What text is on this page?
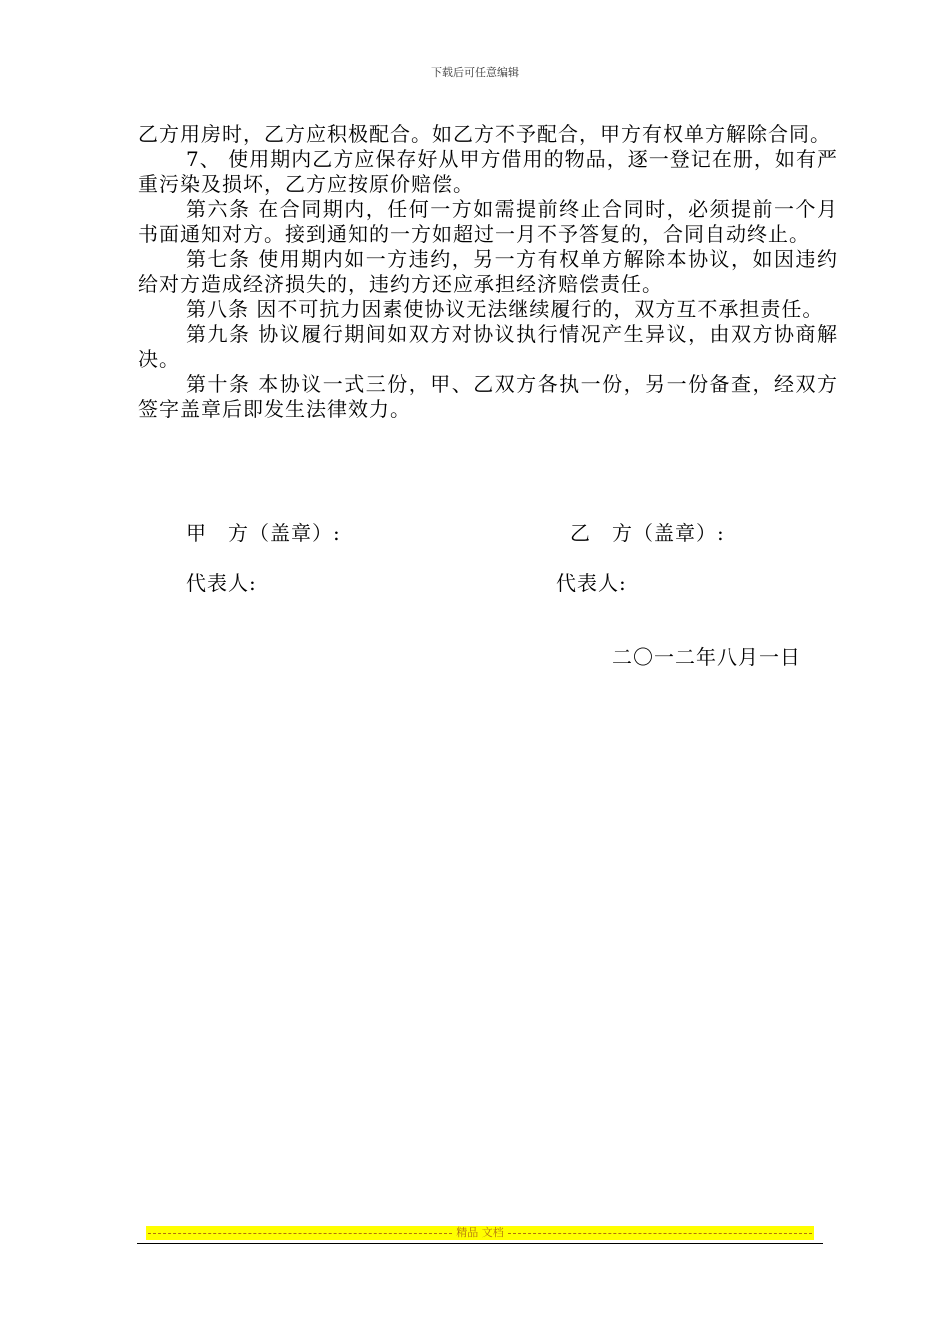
下载后可任意编辑

乙方用房时，乙方应积极配合。如乙方不予配合，甲方有权单方解除合同。

7、 使用期内乙方应保存好从甲方借用的物品，逐一登记在册，如有严重污染及损坏，乙方应按原价赔偿。

第六条 在合同期内，任何一方如需提前终止合同时，必须提前一个月书面通知对方。接到通知的一方如超过一月不予答复的，合同自动终止。

第七条 使用期内如一方违约，另一方有权单方解除本协议，如因违约给对方造成经济损失的，违约方还应承担经济赔偿责任。

第八条 因不可抗力因素使协议无法继续履行的，双方互不承担责任。

第九条 协议履行期间如双方对协议执行情况产生异议，由双方协商解决。

第十条 本协议一式三份，甲、乙双方各执一份，另一份备查，经双方签字盖章后即发生法律效力。

甲　方（盖章）:	乙　方（盖章）:
代表人:	代表人:
二〇一二年八月一日
精品 文档
